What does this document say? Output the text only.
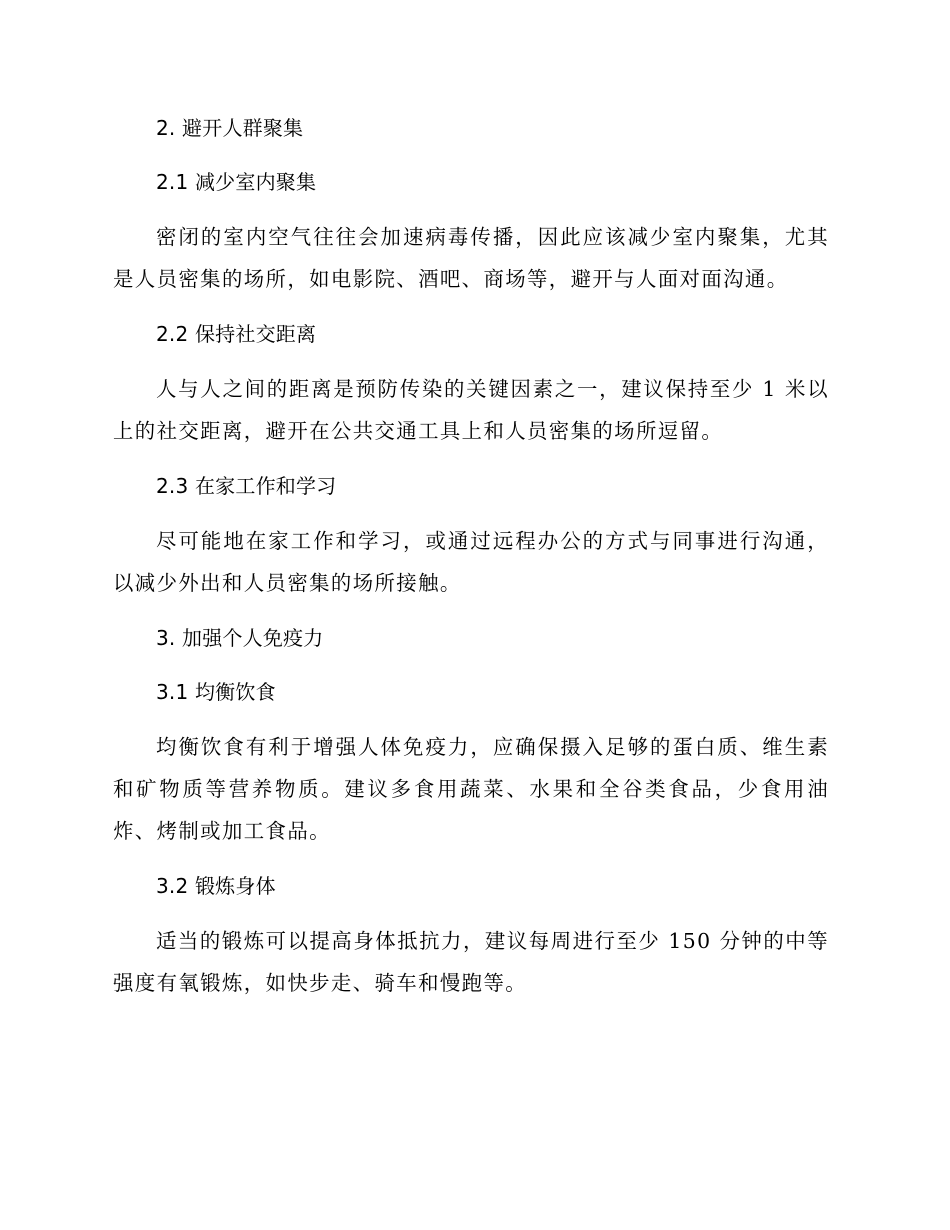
2. 避开人群聚集
2.1 减少室内聚集

密闭的室内空气往往会加速病毒传播，因此应该减少室内聚集，尤其是人员密集的场所，如电影院、酒吧、商场等，避开与人面对面沟通。

2.2 保持社交距离

人与人之间的距离是预防传染的关键因素之一，建议保持至少 1 米以上的社交距离，避开在公共交通工具上和人员密集的场所逗留。

2.3 在家工作和学习

尽可能地在家工作和学习，或通过远程办公的方式与同事进行沟通，以减少外出和人员密集的场所接触。

3. 加强个人免疫力
3.1 均衡饮食

均衡饮食有利于增强人体免疫力，应确保摄入足够的蛋白质、维生素和矿物质等营养物质。建议多食用蔬菜、水果和全谷类食品，少食用油炸、烤制或加工食品。

3.2 锻炼身体

适当的锻炼可以提高身体抵抗力，建议每周进行至少 150 分钟的中等强度有氧锻炼，如快步走、骑车和慢跑等。
